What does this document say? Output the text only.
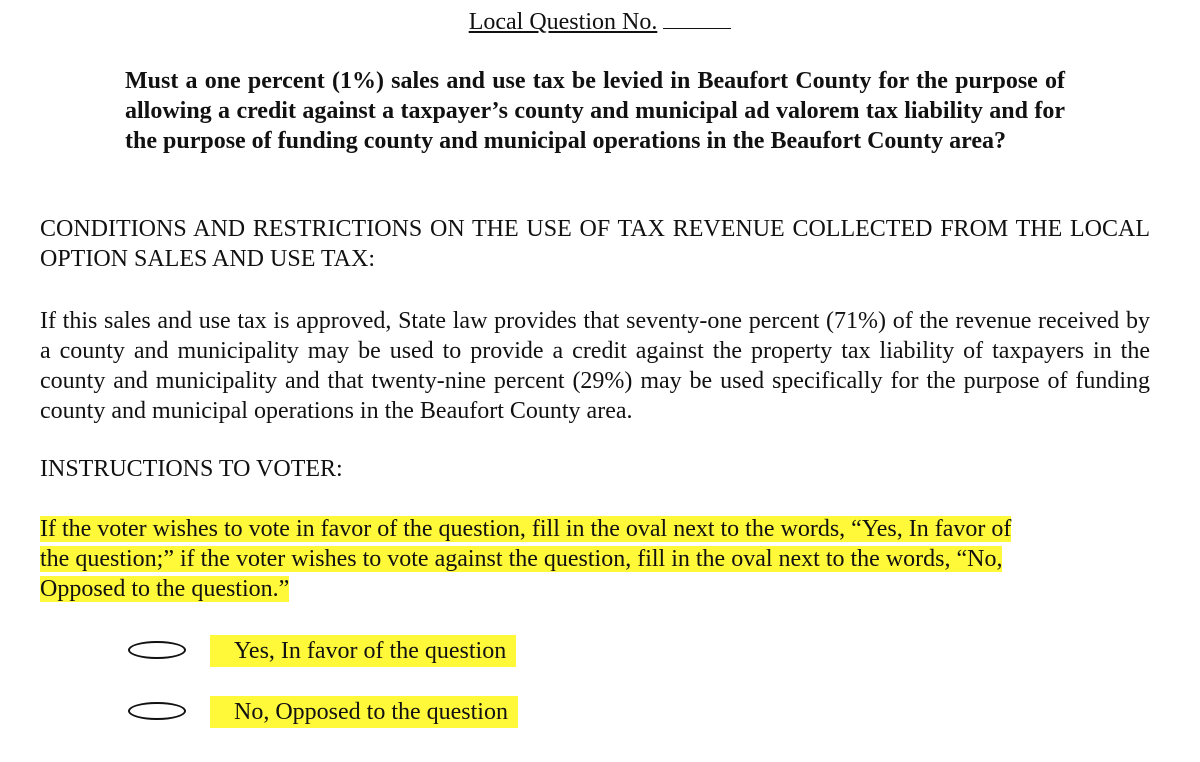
Local Question No.
Must a one percent (1%) sales and use tax be levied in Beaufort County for the purpose of allowing a credit against a taxpayer’s county and municipal ad valorem tax liability and for the purpose of funding county and municipal operations in the Beaufort County area?
CONDITIONS AND RESTRICTIONS ON THE USE OF TAX REVENUE COLLECTED FROM THE LOCAL OPTION SALES AND USE TAX:
If this sales and use tax is approved, State law provides that seventy-one percent (71%) of the revenue received by a county and municipality may be used to provide a credit against the property tax liability of taxpayers in the county and municipality and that twenty-nine percent (29%) may be used specifically for the purpose of funding county and municipal operations in the Beaufort County area.
INSTRUCTIONS TO VOTER:
If the voter wishes to vote in favor of the question, fill in the oval next to the words, “Yes, In favor of the question;” if the voter wishes to vote against the question, fill in the oval next to the words, “No, Opposed to the question.”
Yes, In favor of the question
No, Opposed to the question
